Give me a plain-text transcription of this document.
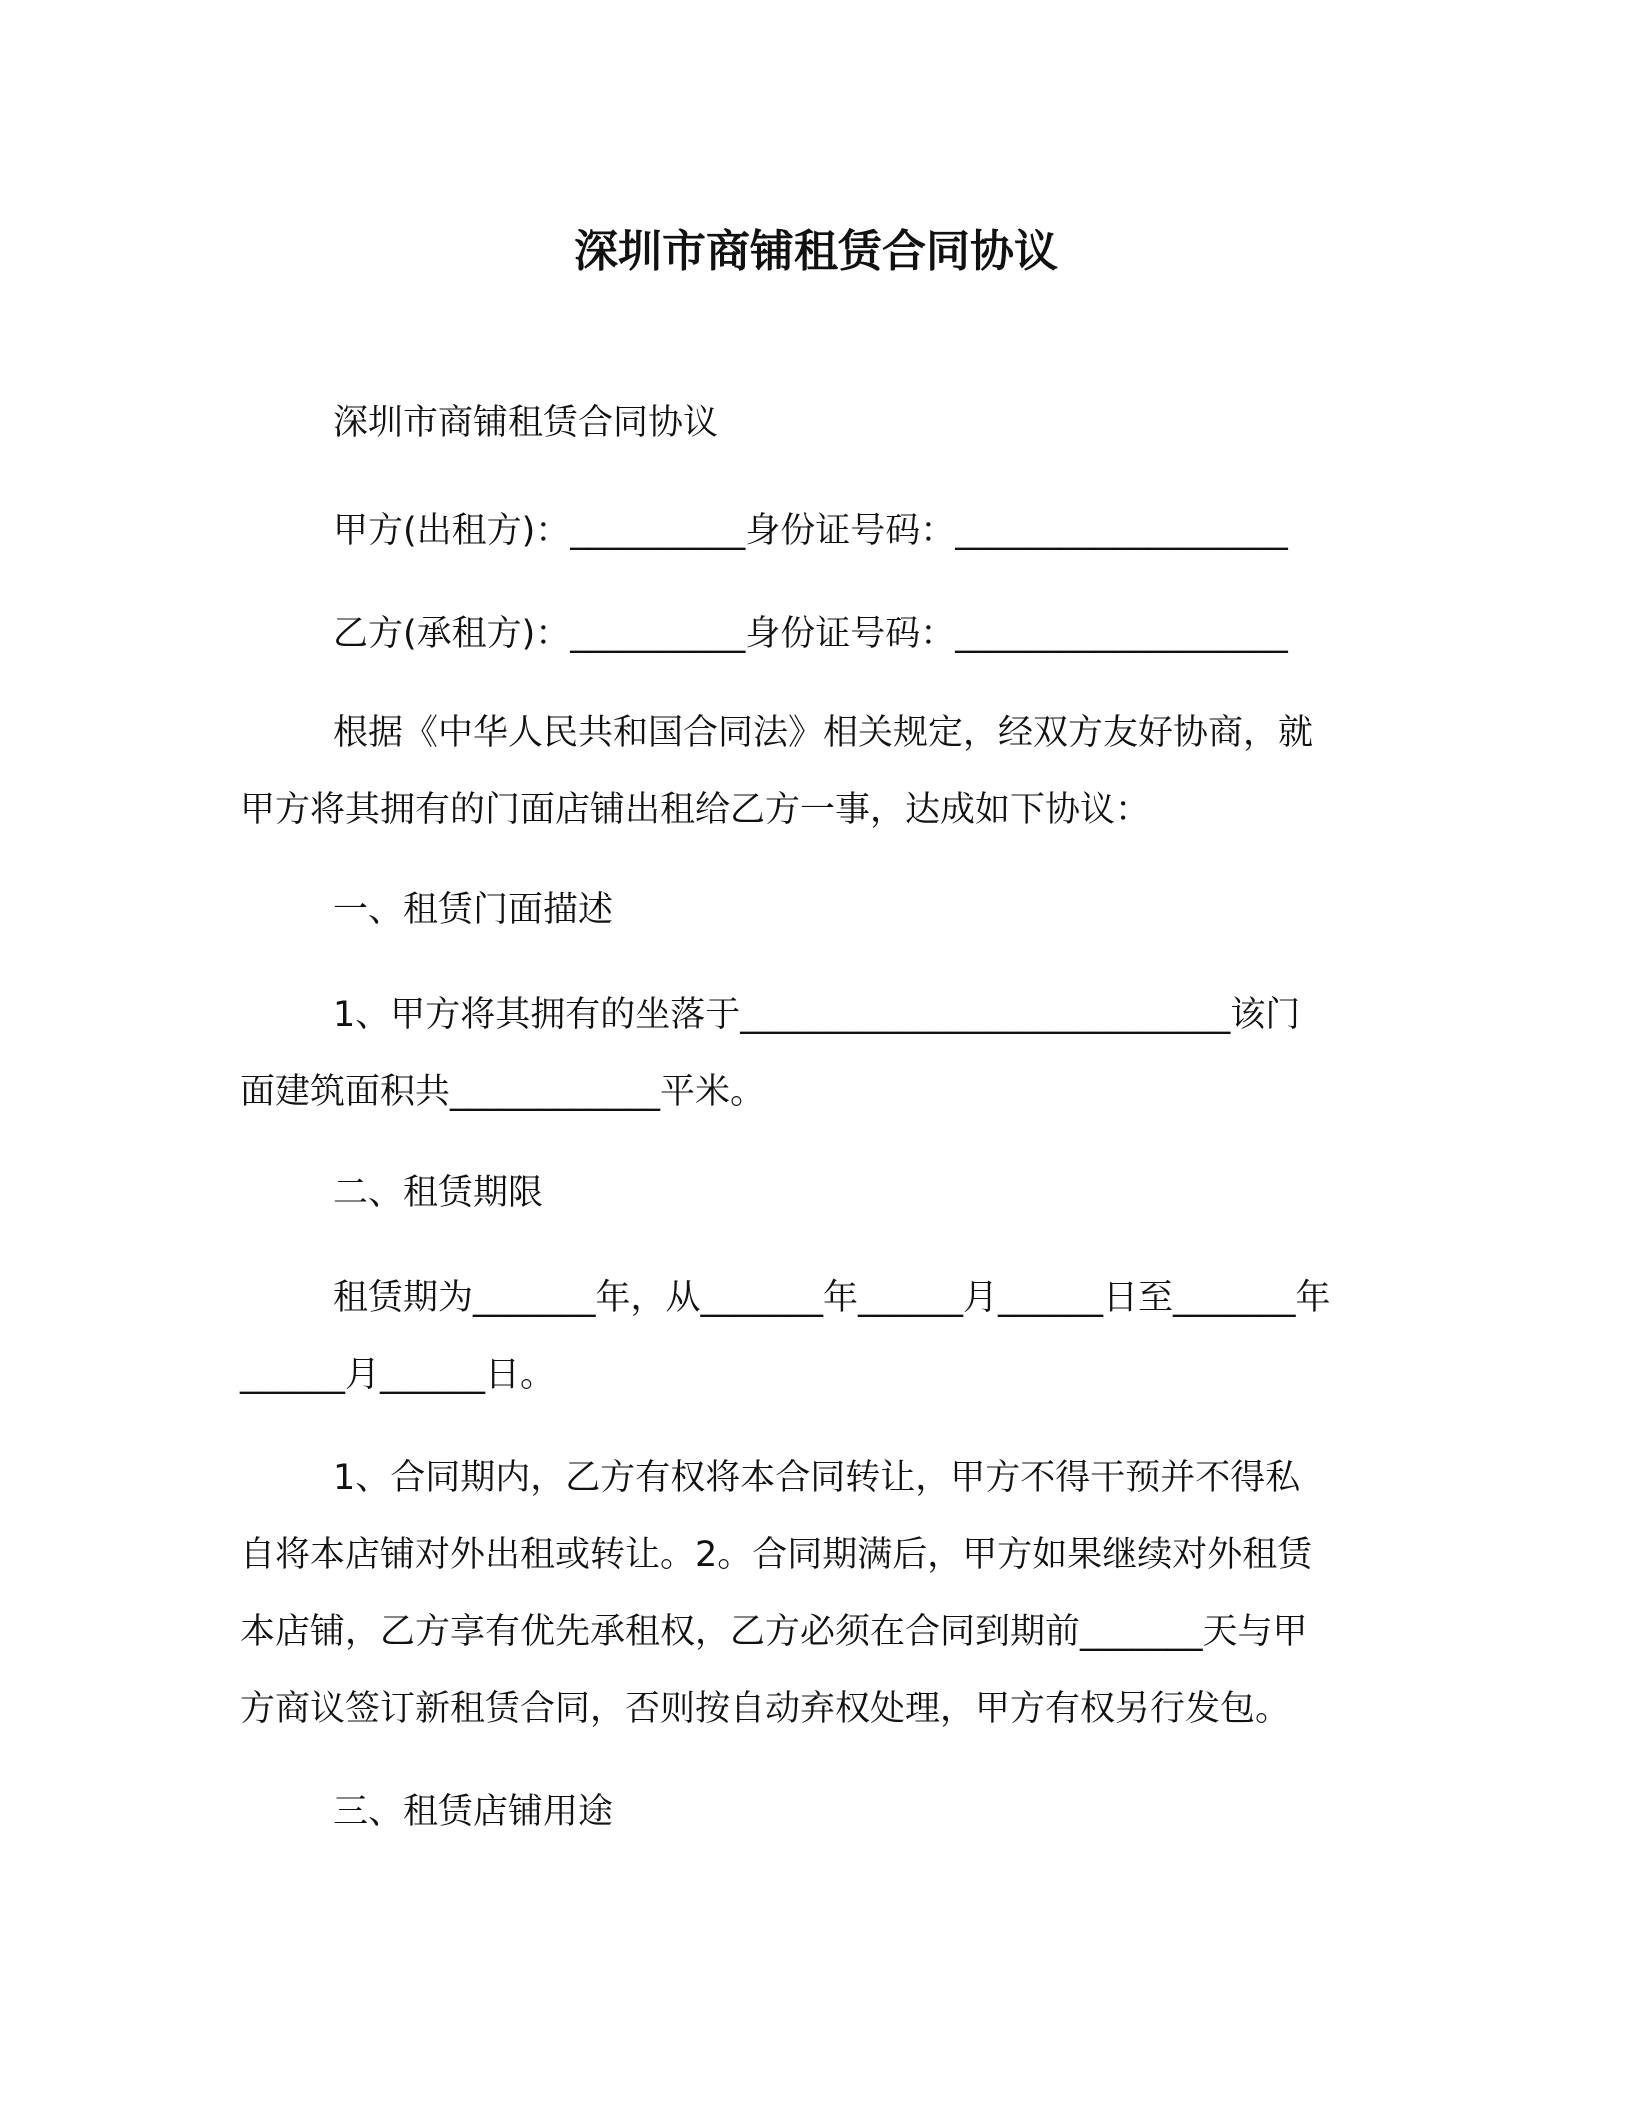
深圳市商铺租赁合同协议

深圳市商铺租赁合同协议

甲方(出租方)：__________身份证号码：___________________

乙方(承租方)：__________身份证号码：___________________

根据《中华人民共和国合同法》相关规定，经双方友好协商，就

甲方将其拥有的门面店铺出租给乙方一事，达成如下协议：

一、租赁门面描述

1、甲方将其拥有的坐落于____________________________该门

面建筑面积共____________平米。

二、租赁期限

租赁期为_______年，从_______年______月______日至_______年

______月______日。

1、合同期内，乙方有权将本合同转让，甲方不得干预并不得私

自将本店铺对外出租或转让。2。合同期满后，甲方如果继续对外租赁

本店铺，乙方享有优先承租权，乙方必须在合同到期前_______天与甲

方商议签订新租赁合同，否则按自动弃权处理，甲方有权另行发包。

三、租赁店铺用途
